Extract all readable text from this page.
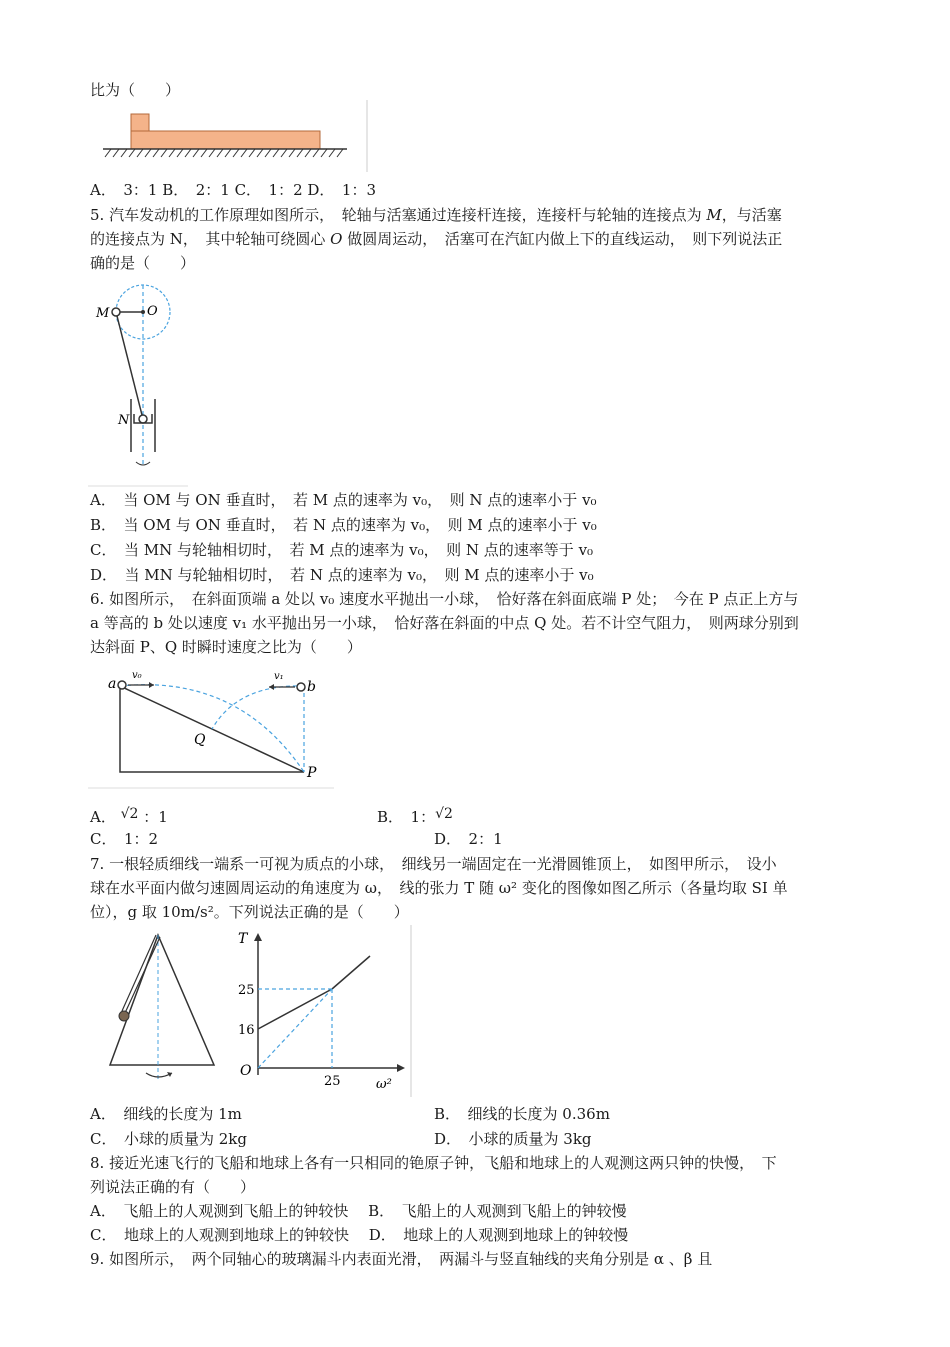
比为（　　）
A．　3：1 B．　2：1 C．　1：2 D．　1：3
5. 汽车发动机的工作原理如图所示，　轮轴与活塞通过连接杆连接，连接杆与轮轴的连接点为 M，与活塞
的连接点为 N，　其中轮轴可绕圆心 O 做圆周运动，　活塞可在汽缸内做上下的直线运动，　则下列说法正
确的是（　　）
M	O
N
A．　当 OM 与 ON 垂直时，　若 M 点的速率为 v₀，　则 N 点的速率小于 v₀
B．　当 OM 与 ON 垂直时，　若 N 点的速率为 v₀，　则 M 点的速率小于 v₀
C．　当 MN 与轮轴相切时，　若 M 点的速率为 v₀，　则 N 点的速率等于 v₀
D．　当 MN 与轮轴相切时，　若 N 点的速率为 v₀，　则 M 点的速率小于 v₀
6. 如图所示，　在斜面顶端 a 处以 v₀ 速度水平抛出一小球，　恰好落在斜面底端 P 处；　今在 P 点正上方与
a 等高的 b 处以速度 v₁ 水平抛出另一小球，　恰好落在斜面的中点 Q 处。若不计空气阻力，　则两球分别到
达斜面 P、Q 时瞬时速度之比为（　　）
a	b
v₀	v₁
Q
P
A． √2 ：1	B．　1：√2
C．　1：2	D．　2：1
7. 一根轻质细线一端系一可视为质点的小球，　细线另一端固定在一光滑圆锥顶上，　如图甲所示，　设小
球在水平面内做匀速圆周运动的角速度为 ω，　线的张力 T 随 ω² 变化的图像如图乙所示（各量均取 SI 单
位），g 取 10m/s²。下列说法正确的是（　　）
T
ω²
O
25
16
25
A．　细线的长度为 1m	B．　细线的长度为 0.36m
C．　小球的质量为 2kg	D．　小球的质量为 3kg
8. 接近光速飞行的飞船和地球上各有一只相同的铯原子钟，飞船和地球上的人观测这两只钟的快慢，　下
列说法正确的有（　　）
A．　飞船上的人观测到飞船上的钟较快　 B．　飞船上的人观测到飞船上的钟较慢
C．　地球上的人观测到地球上的钟较快　 D．　地球上的人观测到地球上的钟较慢
9. 如图所示，　两个同轴心的玻璃漏斗内表面光滑，　两漏斗与竖直轴线的夹角分别是 α 、β 且
